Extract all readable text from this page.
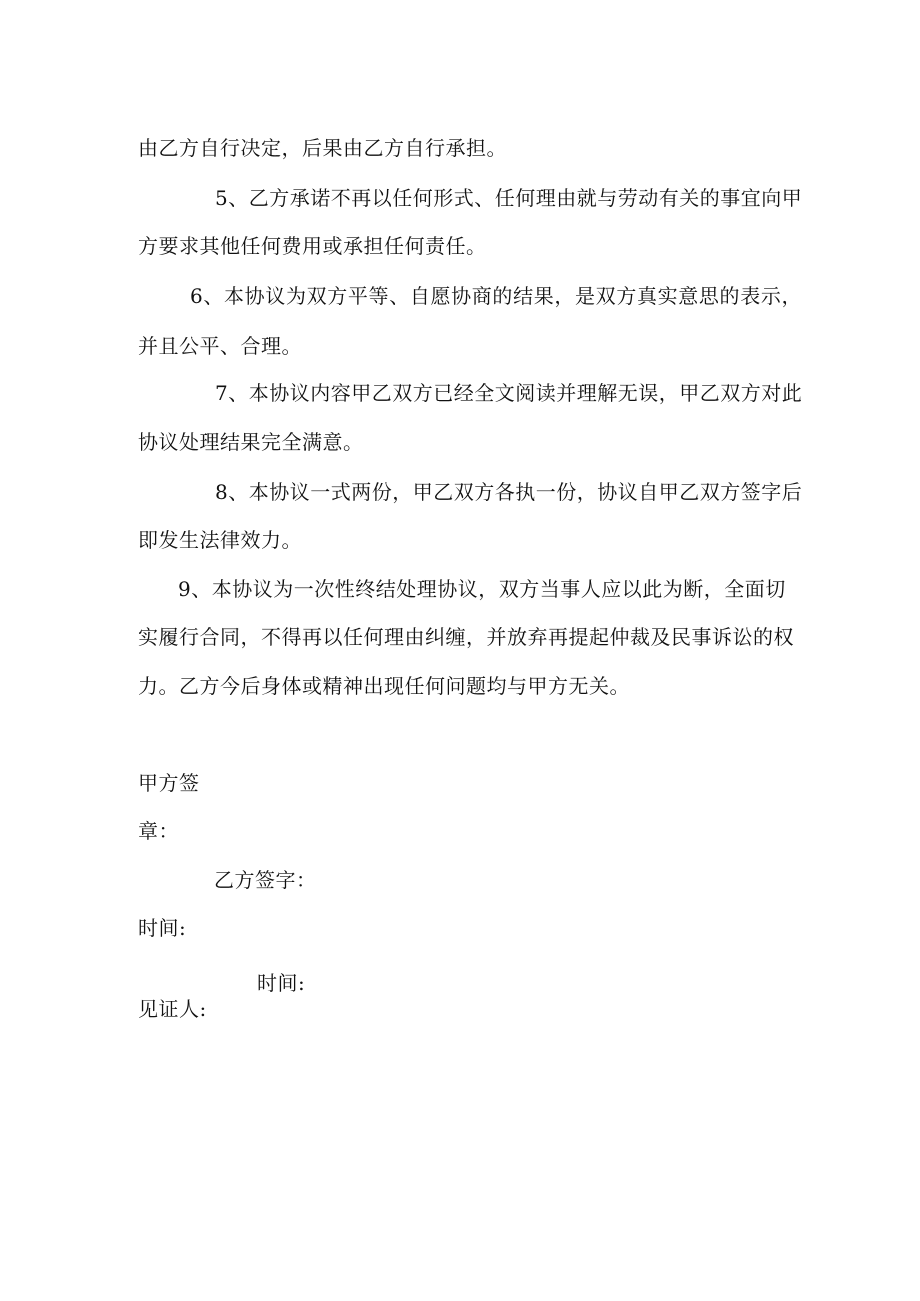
由乙方自行决定，后果由乙方自行承担。
5、乙方承诺不再以任何形式、任何理由就与劳动有关的事宜向甲
方要求其他任何费用或承担任何责任。
6、本协议为双方平等、自愿协商的结果，是双方真实意思的表示，
并且公平、合理。
7、本协议内容甲乙双方已经全文阅读并理解无误，甲乙双方对此
协议处理结果完全满意。
8、本协议一式两份，甲乙双方各执一份，协议自甲乙双方签字后
即发生法律效力。
9、本协议为一次性终结处理协议，双方当事人应以此为断，全面切
实履行合同，不得再以任何理由纠缠，并放弃再提起仲裁及民事诉讼的权
力。乙方今后身体或精神出现任何问题均与甲方无关。
甲方签
章：
乙方签字：
时间:
时间:
见证人:
